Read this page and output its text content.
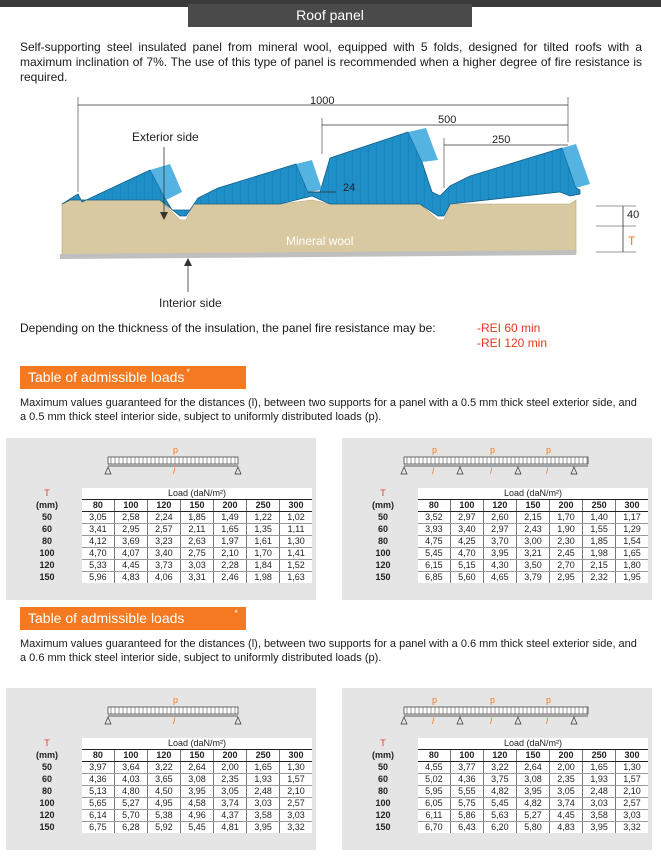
Roof panel
Self-supporting steel insulated panel from mineral wool, equipped with 5 folds, designed for tilted roofs with a maximum inclination of 7%. The use of this type of panel is recommended when a higher degree of fire resistance is required.
1000
500
250
24
40
T
Exterior side
Interior side
Mineral wool
Depending on the thickness of the insulation, the panel fire resistance may be:	-REI 60 min
-REI 120 min
Table of admissible loads *
Maximum values guaranteed for the distances (l), between two supports for a panel with a 0.5 mm thick steel exterior side, and a 0.5 mm thick steel interior side, subject to uniformly distributed loads (p).
p
l
T	Load (daN/m²)						
(mm)	80	100	120	150	200	250	300
50	3,05	2,58	2,24	1,85	1,49	1,22	1,02
60	3,41	2,95	2,57	2,11	1,65	1,35	1,11
80	4,12	3,69	3,23	2,63	1,97	1,61	1,30
100	4,70	4,07	3,40	2,75	2,10	1,70	1,41
120	5,33	4,45	3,73	3,03	2,28	1,84	1,52
150	5,96	4,83	4,06	3,31	2,46	1,98	1,63
p
l
p
l
p
l
T	Load (daN/m²)						
(mm)	80	100	120	150	200	250	300
50	3,52	2,97	2,60	2,15	1,70	1,40	1,17
60	3,93	3,40	2,97	2,43	1,90	1,55	1,29
80	4,75	4,25	3,70	3,00	2,30	1,85	1,54
100	5,45	4,70	3,95	3,21	2,45	1,98	1,65
120	6,15	5,15	4,30	3,50	2,70	2,15	1,80
150	6,85	5,60	4,65	3,79	2,95	2,32	1,95
Table of admissible loads	*
Maximum values guaranteed for the distances (l), between two supports for a panel with a 0.6 mm thick steel exterior side, and a 0.6 mm thick steel interior side, subject to uniformly distributed loads (p).
p
l
T	Load (daN/m²)						
(mm)	80	100	120	150	200	250	300
50	3,97	3,64	3,22	2,64	2,00	1,65	1,30
60	4,36	4,03	3,65	3,08	2,35	1,93	1,57
80	5,13	4,80	4,50	3,95	3,05	2,48	2,10
100	5,65	5,27	4,95	4,58	3,74	3,03	2,57
120	6,14	5,70	5,38	4,96	4,37	3,58	3,03
150	6,75	6,28	5,92	5,45	4,81	3,95	3,32
p
l
p
l
p
l
T	Load (daN/m²)						
(mm)	80	100	120	150	200	250	300
50	4,55	3,77	3,22	2,64	2,00	1,65	1,30
60	5,02	4,36	3,75	3,08	2,35	1,93	1,57
80	5,95	5,55	4,82	3,95	3,05	2,48	2,10
100	6,05	5,75	5,45	4,82	3,74	3,03	2,57
120	6,11	5,86	5,63	5,27	4,45	3,58	3,03
150	6,70	6,43	6,20	5,80	4,83	3,95	3,32
